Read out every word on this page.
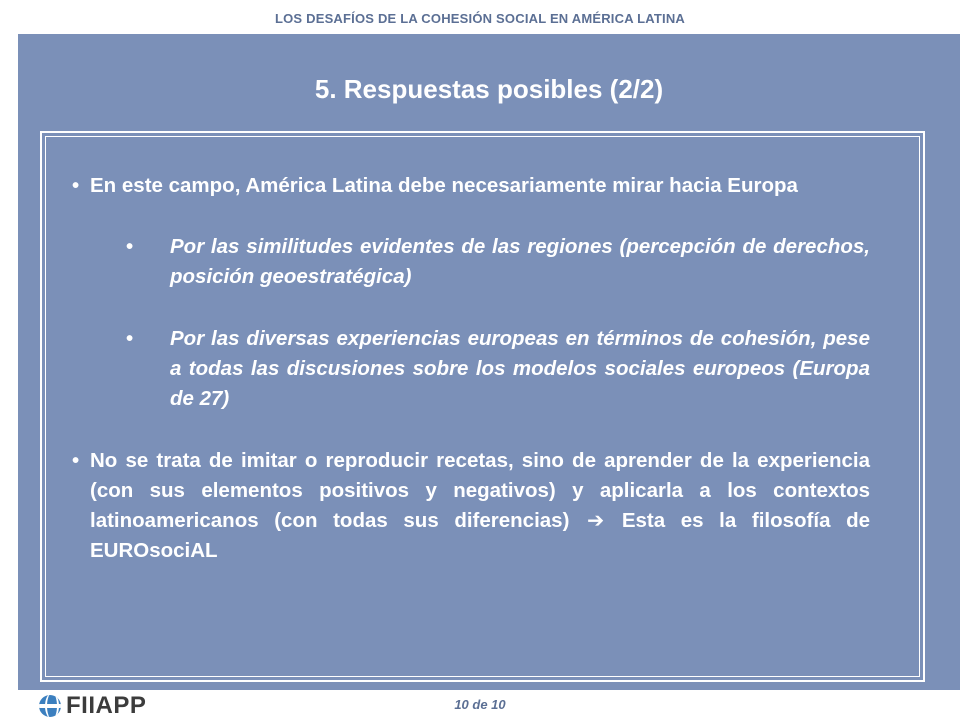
LOS DESAFÍOS DE LA COHESIÓN SOCIAL EN AMÉRICA LATINA
5. Respuestas posibles (2/2)
• En este campo, América Latina debe necesariamente mirar hacia Europa
•	Por las similitudes evidentes de las regiones (percepción de derechos, posición geoestratégica)
•	Por las diversas experiencias europeas en términos de cohesión, pese a todas las discusiones sobre los modelos sociales europeos (Europa de 27)
• No se trata de imitar o reproducir recetas, sino de aprender de la experiencia (con sus elementos positivos y negativos) y aplicarla a los contextos latinoamericanos (con todas sus diferencias) ➔ Esta es la filosofía de EUROsociAL
FIIAPP	10 de 10
